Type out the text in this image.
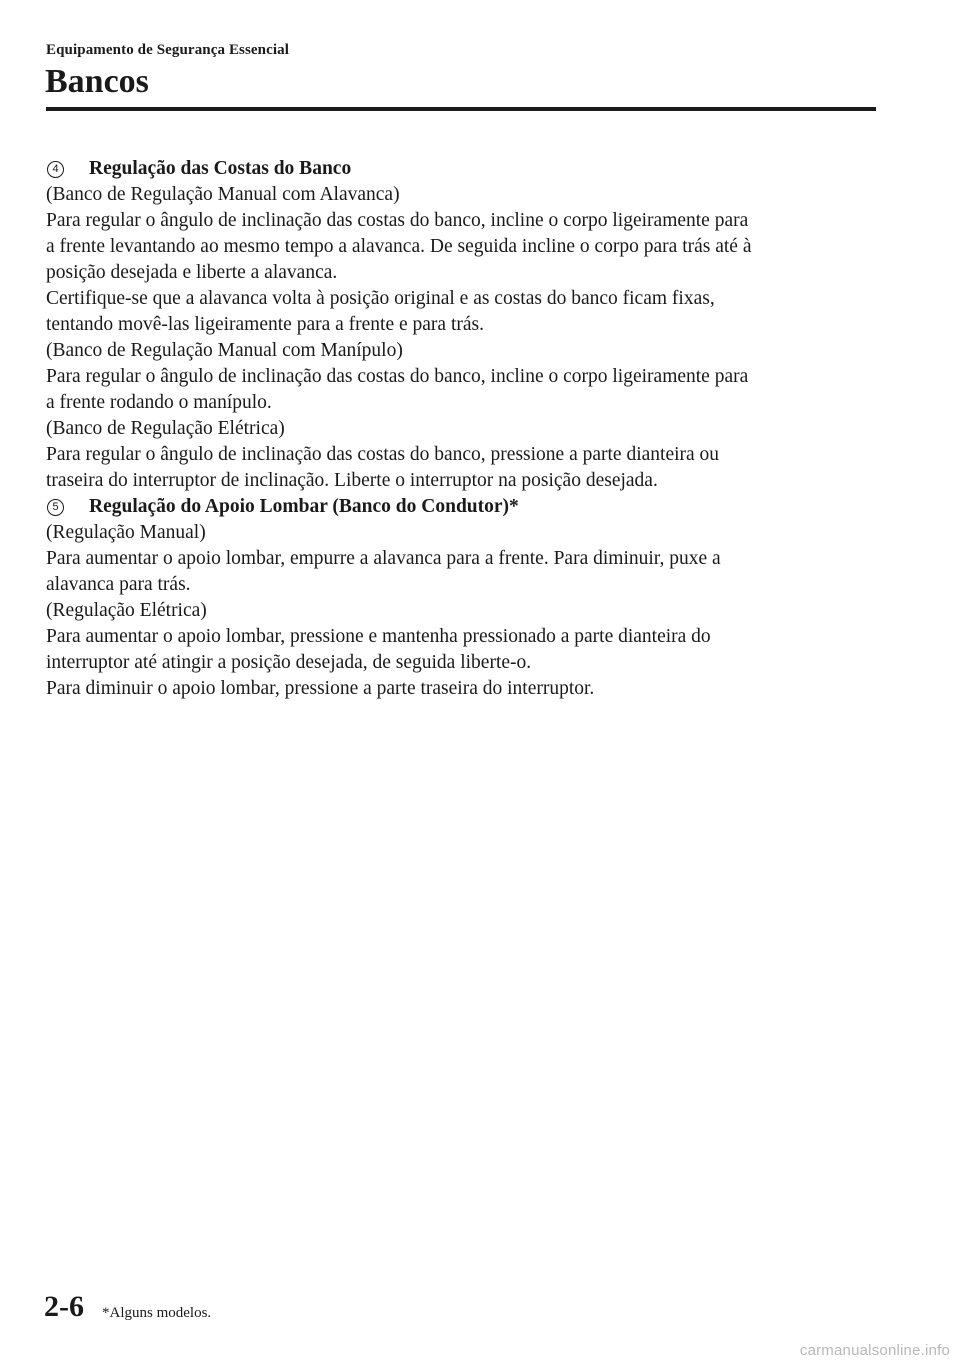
Equipamento de Segurança Essencial
Bancos

4 Regulação das Costas do Banco

(Banco de Regulação Manual com Alavanca)

Para regular o ângulo de inclinação das costas do banco, incline o corpo ligeiramente para

a frente levantando ao mesmo tempo a alavanca. De seguida incline o corpo para trás até à

posição desejada e liberte a alavanca.

Certifique-se que a alavanca volta à posição original e as costas do banco ficam fixas,

tentando movê-las ligeiramente para a frente e para trás.

(Banco de Regulação Manual com Manípulo)

Para regular o ângulo de inclinação das costas do banco, incline o corpo ligeiramente para

a frente rodando o manípulo.

(Banco de Regulação Elétrica)

Para regular o ângulo de inclinação das costas do banco, pressione a parte dianteira ou

traseira do interruptor de inclinação. Liberte o interruptor na posição desejada.

5 Regulação do Apoio Lombar (Banco do Condutor)*

(Regulação Manual)

Para aumentar o apoio lombar, empurre a alavanca para a frente. Para diminuir, puxe a

alavanca para trás.

(Regulação Elétrica)

Para aumentar o apoio lombar, pressione e mantenha pressionado a parte dianteira do

interruptor até atingir a posição desejada, de seguida liberte-o.

Para diminuir o apoio lombar, pressione a parte traseira do interruptor.

2-6 *Alguns modelos.
carmanualsonline.info
